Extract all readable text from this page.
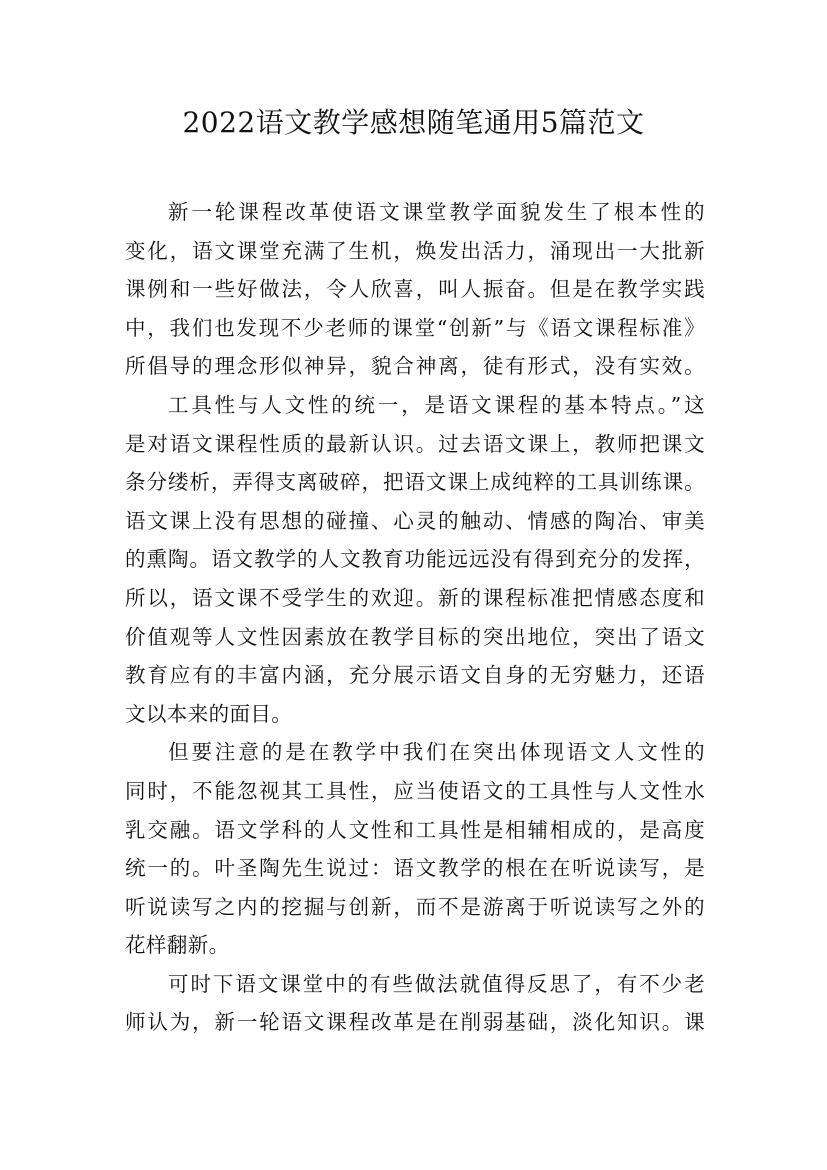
2022语文教学感想随笔通用5篇范文
新一轮课程改革使语文课堂教学面貌发生了根本性的
变化，语文课堂充满了生机，焕发出活力，涌现出一大批新
课例和一些好做法，令人欣喜，叫人振奋。但是在教学实践
中，我们也发现不少老师的课堂“创新”与《语文课程标准》
所倡导的理念形似神异，貌合神离，徒有形式，没有实效。
工具性与人文性的统一，是语文课程的基本特点。”这
是对语文课程性质的最新认识。过去语文课上，教师把课文
条分缕析，弄得支离破碎，把语文课上成纯粹的工具训练课。
语文课上没有思想的碰撞、心灵的触动、情感的陶冶、审美
的熏陶。语文教学的人文教育功能远远没有得到充分的发挥，
所以，语文课不受学生的欢迎。新的课程标准把情感态度和
价值观等人文性因素放在教学目标的突出地位，突出了语文
教育应有的丰富内涵，充分展示语文自身的无穷魅力，还语
文以本来的面目。
但要注意的是在教学中我们在突出体现语文人文性的
同时，不能忽视其工具性，应当使语文的工具性与人文性水
乳交融。语文学科的人文性和工具性是相辅相成的，是高度
统一的。叶圣陶先生说过：语文教学的根在在听说读写，是
听说读写之内的挖掘与创新，而不是游离于听说读写之外的
花样翻新。
可时下语文课堂中的有些做法就值得反思了，有不少老
师认为，新一轮语文课程改革是在削弱基础，淡化知识。课
